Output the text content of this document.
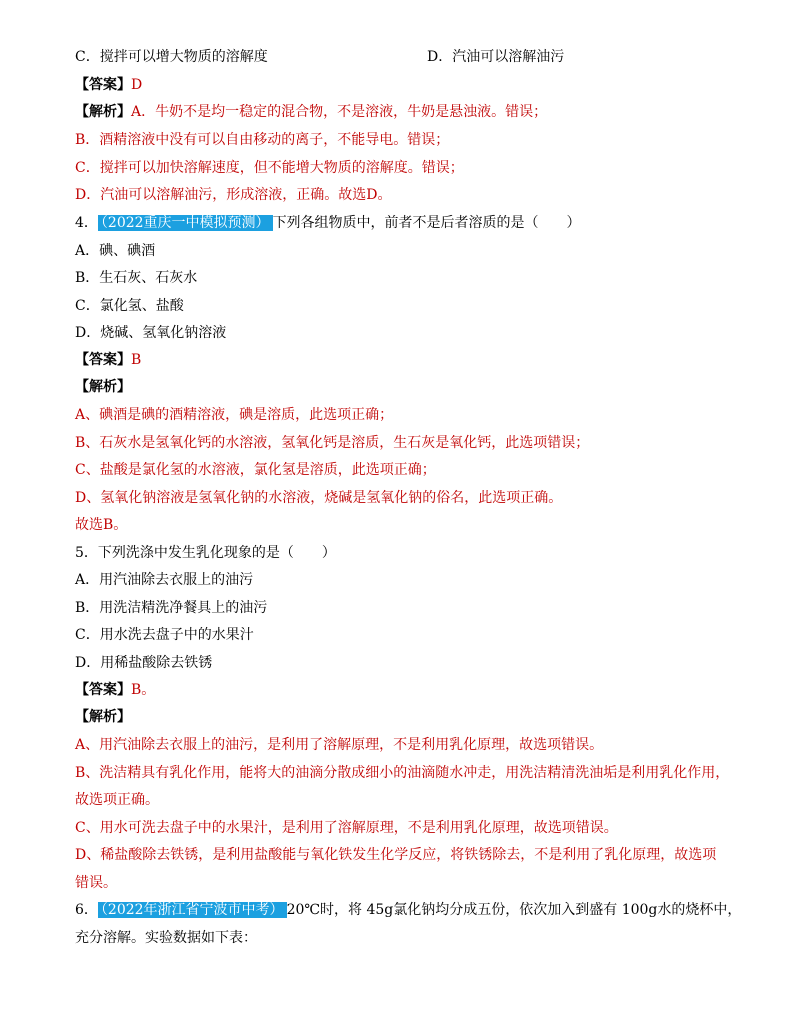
C．搅拌可以增大物质的溶解度	D．汽油可以溶解油污
【答案】D
【解析】A．牛奶不是均一稳定的混合物，不是溶液，牛奶是悬浊液。错误；
B．酒精溶液中没有可以自由移动的离子，不能导电。错误；
C．搅拌可以加快溶解速度，但不能增大物质的溶解度。错误；
D．汽油可以溶解油污，形成溶液，正确。故选D。
4． （2022重庆一中模拟预测） 下列各组物质中，前者不是后者溶质的是（　　）
A．碘、碘酒
B．生石灰、石灰水
C．氯化氢、盐酸
D．烧碱、氢氧化钠溶液
【答案】B
【解析】
A、碘酒是碘的酒精溶液，碘是溶质，此选项正确；
B、石灰水是氢氧化钙的水溶液，氢氧化钙是溶质，生石灰是氧化钙，此选项错误；
C、盐酸是氯化氢的水溶液，氯化氢是溶质，此选项正确；
D、氢氧化钠溶液是氢氧化钠的水溶液，烧碱是氢氧化钠的俗名，此选项正确。
故选B。
5．下列洗涤中发生乳化现象的是（　　）
A．用汽油除去衣服上的油污
B．用洗洁精洗净餐具上的油污
C．用水洗去盘子中的水果汁
D．用稀盐酸除去铁锈
【答案】B。
【解析】
A、用汽油除去衣服上的油污，是利用了溶解原理，不是利用乳化原理，故选项错误。
B、洗洁精具有乳化作用，能将大的油滴分散成细小的油滴随水冲走，用洗洁精清洗油垢是利用乳化作用，
故选项正确。
C、用水可洗去盘子中的水果汁，是利用了溶解原理，不是利用乳化原理，故选项错误。
D、稀盐酸除去铁锈，是利用盐酸能与氧化铁发生化学反应，将铁锈除去，不是利用了乳化原理，故选项
错误。
6． （2022年浙江省宁波市中考） 20℃时，将 45g氯化钠均分成五份，依次加入到盛有 100g水的烧杯中，
充分溶解。实验数据如下表：
